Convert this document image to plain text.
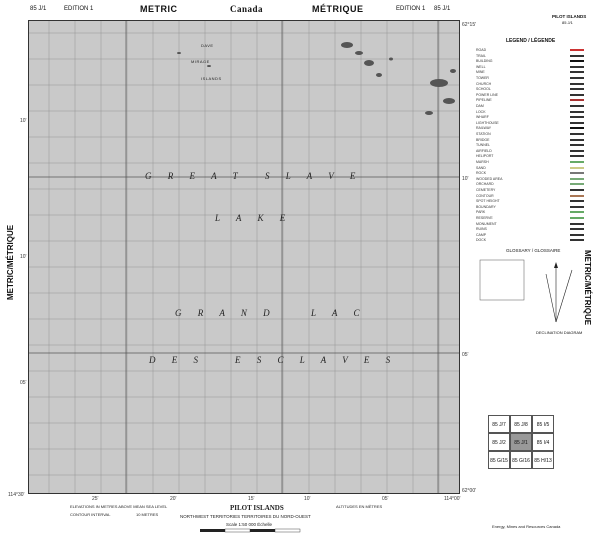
85 J/1	EDITION 1	METRIC	Canada	MÉTRIQUE	EDITION 1 85 J/1
METRIC/MÉTRIQUE	METRIC/MÉTRIQUE
DAVE
MIRAGE
ISLANDS
G R E A T S L A V E
L A K E
G R A N D	L A C
D E S	E S C L A V E S
62°15'
62°00'
114°30'
114°00'
10'
10'
05'
10'
05'
25'	20'	15'	10'	05'
LEGEND / LÉGENDE
PILOT ISLANDS
85 J/1
ROAD
TRAIL
BUILDING
WELL
MINE
TOWER
CHURCH
SCHOOL
POWER LINE
PIPELINE
DAM
LOCK
WHARF
LIGHTHOUSE
RAILWAY
STATION
BRIDGE
TUNNEL
AIRFIELD
HELIPORT
MARSH
SAND
ROCK
WOODED AREA
ORCHARD
CEMETERY
CONTOUR
SPOT HEIGHT
BOUNDARY
PARK
RESERVE
MONUMENT
RUINS
CAMP
DOCK
GLOSSARY / GLOSSAIRE
DECLINATION DIAGRAM
85 J/7	85 J/8	85 I/5
85 J/2	85 J/1	85 I/4
85 G/15 85 G/16 85 H/13
PILOT ISLANDS
NORTHWEST TERRITORIES TERRITOIRES DU NORD-OUEST
Scale 1:50 000 Échelle
ELEVATIONS IN METRES ABOVE MEAN SEA LEVEL
CONTOUR INTERVAL	10 METRES
ALTITUDES EN MÈTRES
Energy, Mines and Resources Canada
